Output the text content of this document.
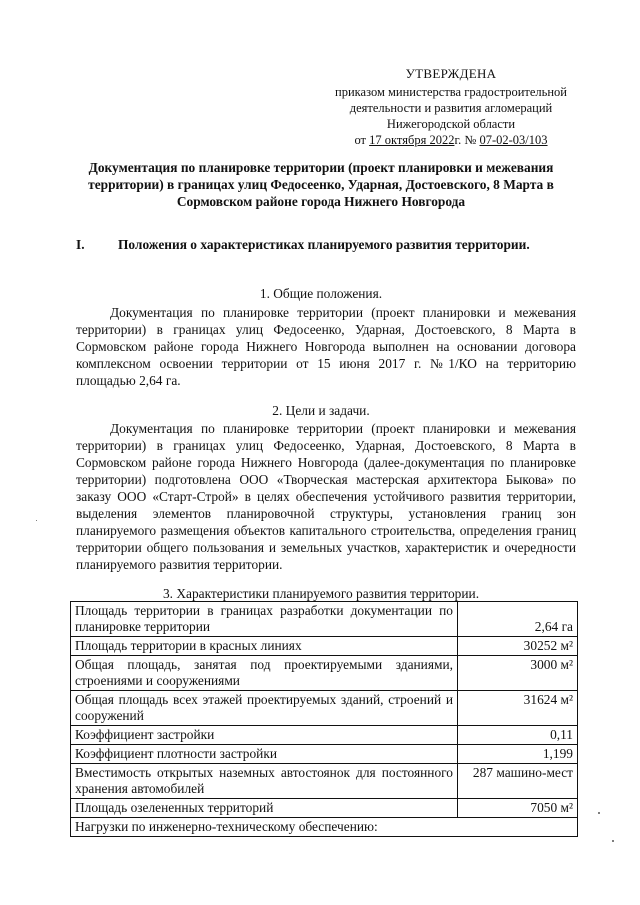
УТВЕРЖДЕНА
приказом министерства градостроительной
деятельности и развития агломераций
Нижегородской области
от 17 октября 2022г. № 07-02-03/103
Документация по планировке территории (проект планировки и межевания территории) в границах улиц Федосеенко, Ударная, Достоевского, 8 Марта в Сормовском районе города Нижнего Новгорода
I. Положения о характеристиках планируемого развития территории.
1. Общие положения.
Документация по планировке территории (проект планировки и межевания территории) в границах улиц Федосеенко, Ударная, Достоевского, 8 Марта в Сормовском районе города Нижнего Новгорода выполнен на основании договора комплексном освоении территории от 15 июня 2017 г. №1/КО на территорию площадью 2,64 га.
2. Цели и задачи.
Документация по планировке территории (проект планировки и межевания территории) в границах улиц Федосеенко, Ударная, Достоевского, 8 Марта в Сормовском районе города Нижнего Новгорода (далее-документация по планировке территории) подготовлена ООО «Творческая мастерская архитектора Быкова» по заказу ООО «Старт-Строй» в целях обеспечения устойчивого развития территории, выделения элементов планировочной структуры, установления границ зон планируемого размещения объектов капитального строительства, определения границ территории общего пользования и земельных участков, характеристик и очередности планируемого развития территории.
3. Характеристики планируемого развития территории.
Площадь территории в границах разработки документации по планировке территории	2,64 га
Площадь территории в красных линиях	30252 м²
Общая площадь, занятая под проектируемыми зданиями, строениями и сооружениями	3000 м²
Общая площадь всех этажей проектируемых зданий, строений и сооружений	31624 м²
Коэффициент застройки	0,11
Коэффициент плотности застройки	1,199
Вместимость открытых наземных автостоянок для постоянного хранения автомобилей	287 машино-мест
Площадь озелененных территорий	7050 м²
Нагрузки по инженерно-техническому обеспечению:	
